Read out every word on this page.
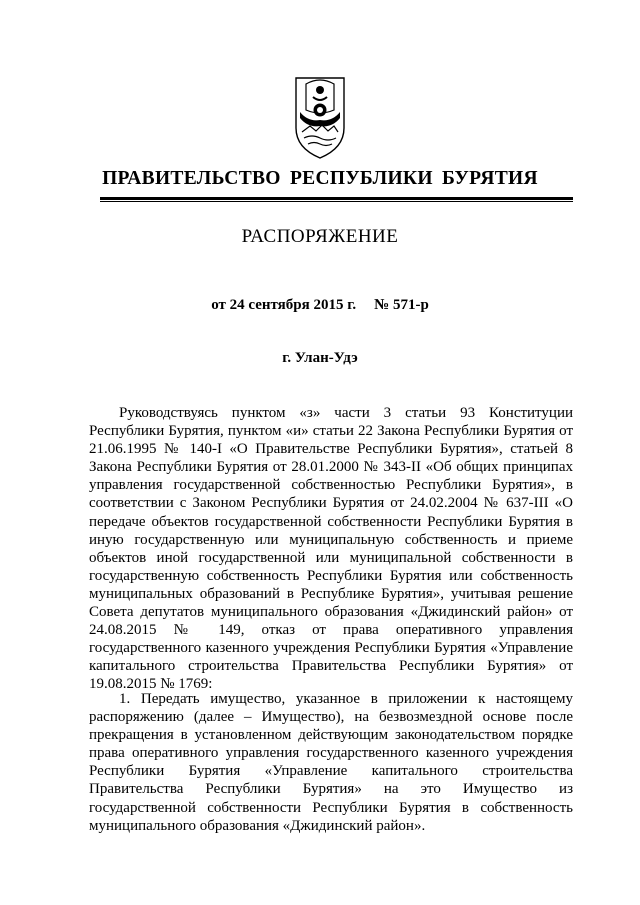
ПРАВИТЕЛЬСТВО РЕСПУБЛИКИ БУРЯТИЯ
РАСПОРЯЖЕНИЕ
от 24 сентября 2015 г. № 571-р
г. Улан-Удэ

Руководствуясь пунктом «з» части 3 статьи 93 Конституции Республики Бурятия, пунктом «и» статьи 22 Закона Республики Бурятия от 21.06.1995 № 140-I «О Правительстве Республики Бурятия», статьей 8 Закона Республики Бурятия от 28.01.2000 № 343-II «Об общих принципах управления государственной собственностью Республики Бурятия», в соответствии с Законом Республики Бурятия от 24.02.2004 № 637-III «О передаче объектов государственной собственности Республики Бурятия в иную государственную или муниципальную собственность и приеме объектов иной государственной или муниципальной собственности в государственную собственность Республики Бурятия или собственность муниципальных образований в Республике Бурятия», учитывая решение Совета депутатов муниципального образования «Джидинский район» от 24.08.2015 № 149, отказ от права оперативного управления государственного казенного учреждения Республики Бурятия «Управление капитального строительства Правительства Республики Бурятия» от 19.08.2015 № 1769:

1. Передать имущество, указанное в приложении к настоящему распоряжению (далее – Имущество), на безвозмездной основе после прекращения в установленном действующим законодательством порядке права оперативного управления государственного казенного учреждения Республики Бурятия «Управление капитального строительства Правительства Республики Бурятия» на это Имущество из государственной собственности Республики Бурятия в собственность муниципального образования «Джидинский район».
